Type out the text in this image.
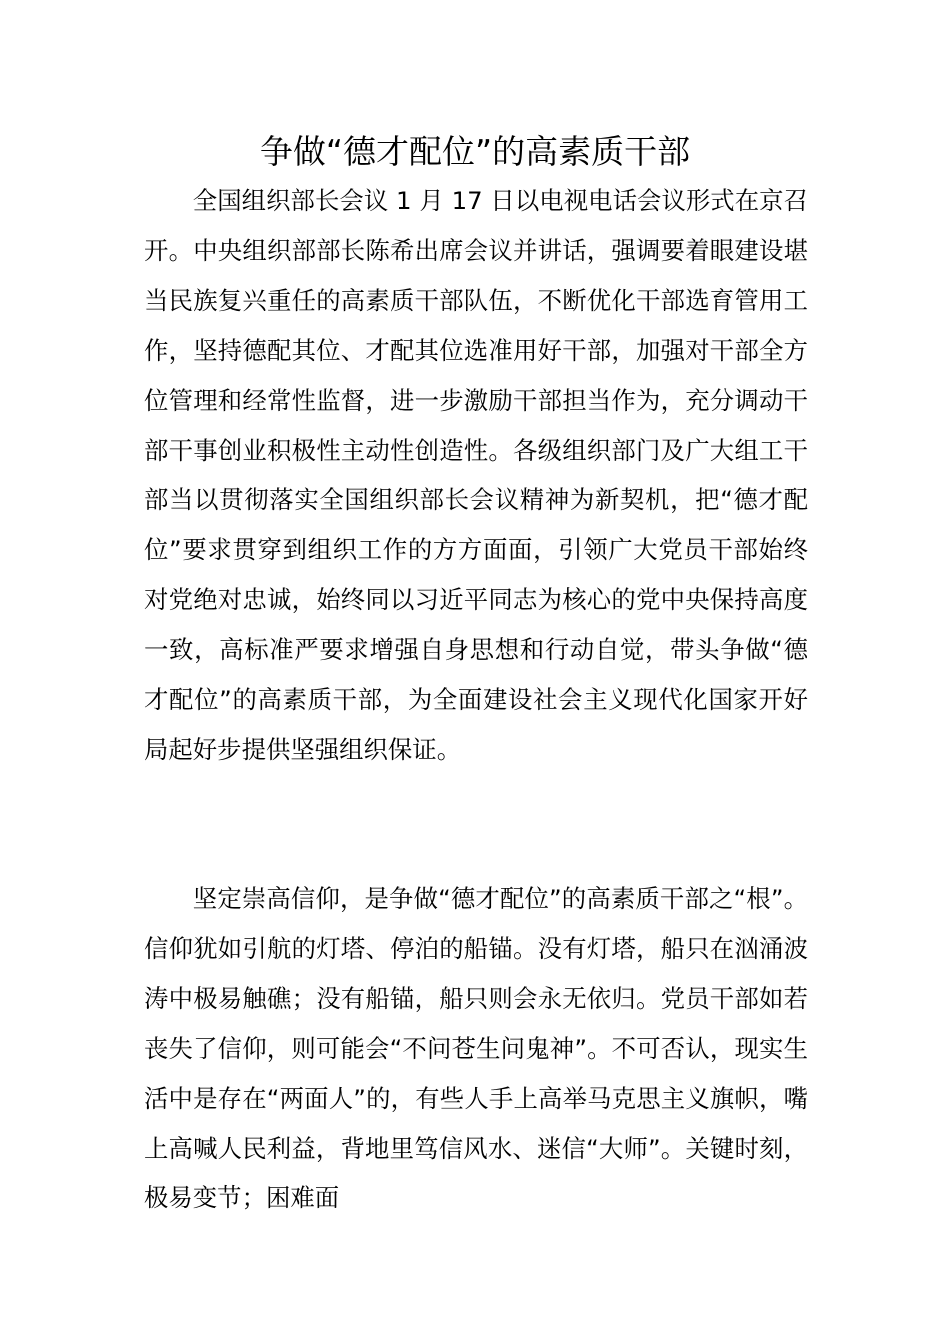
争做“德才配位”的高素质干部

全国组织部长会议 1 月 17 日以电视电话会议形式在京召开。中央组织部部长陈希出席会议并讲话，强调要着眼建设堪当民族复兴重任的高素质干部队伍，不断优化干部选育管用工作，坚持德配其位、才配其位选准用好干部，加强对干部全方位管理和经常性监督，进一步激励干部担当作为，充分调动干部干事创业积极性主动性创造性。各级组织部门及广大组工干部当以贯彻落实全国组织部长会议精神为新契机，把“德才配位”要求贯穿到组织工作的方方面面，引领广大党员干部始终对党绝对忠诚，始终同以习近平同志为核心的党中央保持高度一致，高标准严要求增强自身思想和行动自觉，带头争做“德才配位”的高素质干部，为全面建设社会主义现代化国家开好局起好步提供坚强组织保证。

坚定崇高信仰，是争做“德才配位”的高素质干部之“根”。信仰犹如引航的灯塔、停泊的船锚。没有灯塔，船只在汹涌波涛中极易触礁；没有船锚，船只则会永无依归。党员干部如若丧失了信仰，则可能会“不问苍生问鬼神”。不可否认，现实生活中是存在“两面人”的，有些人手上高举马克思主义旗帜，嘴上高喊人民利益，背地里笃信风水、迷信“大师”。关键时刻，极易变节；困难面
